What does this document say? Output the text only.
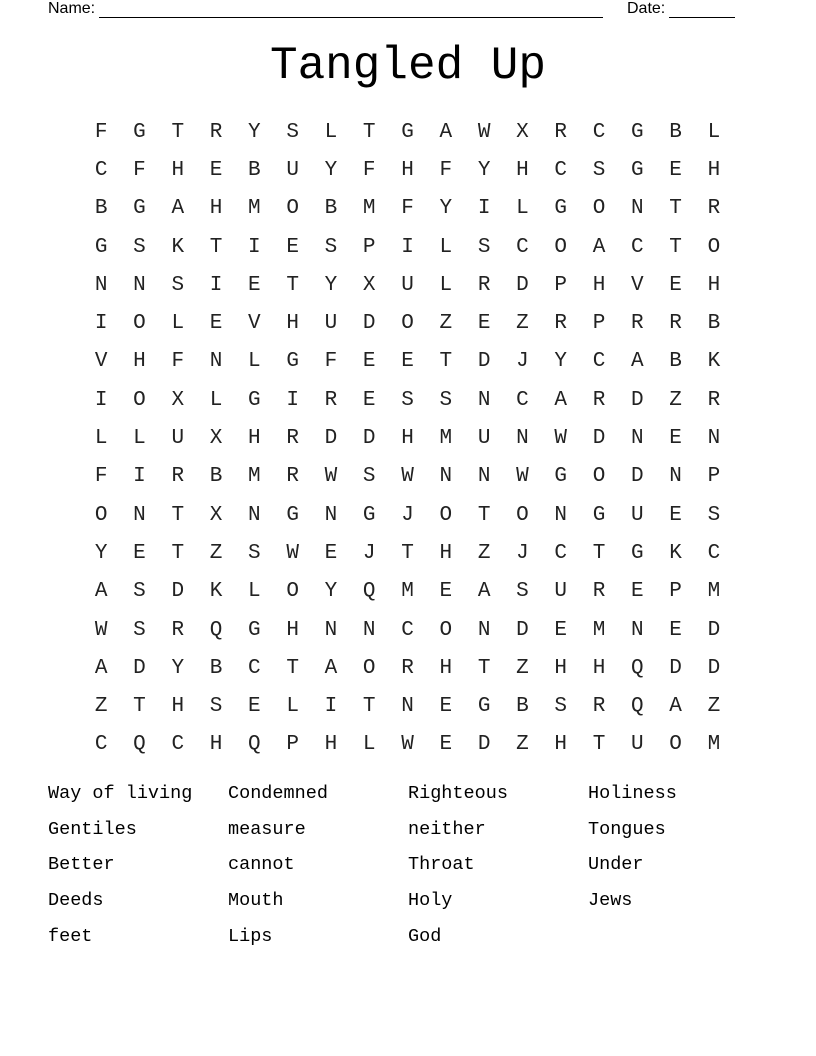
Name:	Date:
Tangled Up
F	G	T	R	Y	S	L	T	G	A	W	X	R	C	G	B	L
C	F	H	E	B	U	Y	F	H	F	Y	H	C	S	G	E	H
B	G	A	H	M	O	B	M	F	Y	I	L	G	O	N	T	R
G	S	K	T	I	E	S	P	I	L	S	C	O	A	C	T	O
N	N	S	I	E	T	Y	X	U	L	R	D	P	H	V	E	H
I	O	L	E	V	H	U	D	O	Z	E	Z	R	P	R	R	B
V	H	F	N	L	G	F	E	E	T	D	J	Y	C	A	B	K
I	O	X	L	G	I	R	E	S	S	N	C	A	R	D	Z	R
L	L	U	X	H	R	D	D	H	M	U	N	W	D	N	E	N
F	I	R	B	M	R	W	S	W	N	N	W	G	O	D	N	P
O	N	T	X	N	G	N	G	J	O	T	O	N	G	U	E	S
Y	E	T	Z	S	W	E	J	T	H	Z	J	C	T	G	K	C
A	S	D	K	L	O	Y	Q	M	E	A	S	U	R	E	P	M
W	S	R	Q	G	H	N	N	C	O	N	D	E	M	N	E	D
A	D	Y	B	C	T	A	O	R	H	T	Z	H	H	Q	D	D
Z	T	H	S	E	L	I	T	N	E	G	B	S	R	Q	A	Z
C	Q	C	H	Q	P	H	L	W	E	D	Z	H	T	U	O	M
Way of living	Condemned	Righteous	Holiness
Gentiles	measure	neither	Tongues
Better	cannot	Throat	Under
Deeds	Mouth	Holy	Jews
feet	Lips	God
